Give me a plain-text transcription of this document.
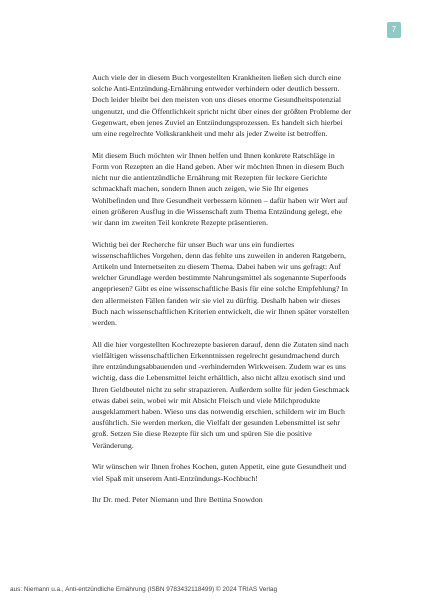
7

Auch viele der in diesem Buch vorgestellten Krankheiten ließen sich durch eine solche Anti-Entzündung-Ernährung entweder verhindern oder deutlich bessern. Doch leider bleibt bei den meisten von uns dieses enorme Gesundheitspotenzial ungenutzt, und die Öffentlichkeit spricht nicht über eines der größten Probleme der Gegenwart, eben jenes Zuviel an Entzündungsprozessen. Es handelt sich hierbei um eine regelrechte Volkskrankheit und mehr als jeder Zweite ist betroffen.

Mit diesem Buch möchten wir Ihnen helfen und Ihnen konkrete Ratschläge in Form von Rezepten an die Hand geben. Aber wir möchten Ihnen in diesem Buch nicht nur die antientzündliche Ernährung mit Rezepten für leckere Gerichte schmackhaft machen, sondern Ihnen auch zeigen, wie Sie Ihr eigenes Wohlbefinden und Ihre Gesundheit verbessern können – dafür haben wir Wert auf einen größeren Ausflug in die Wissenschaft zum Thema Entzündung gelegt, ehe wir dann im zweiten Teil konkrete Rezepte präsentieren.

Wichtig bei der Recherche für unser Buch war uns ein fundiertes wissenschaftliches Vorgehen, denn das fehlte uns zuweilen in anderen Ratgebern, Artikeln und Internetseiten zu diesem Thema. Dabei haben wir uns gefragt: Auf welcher Grundlage werden bestimmte Nahrungsmittel als sogenannte Superfoods angepriesen? Gibt es eine wissenschaftliche Basis für eine solche Empfehlung? In den allermeisten Fällen fanden wir sie viel zu dürftig. Deshalb haben wir dieses Buch nach wissenschaftlichen Kriterien entwickelt, die wir Ihnen später vorstellen werden.

All die hier vorgestellten Kochrezepte basieren darauf, denn die Zutaten sind nach vielfältigen wissenschaftlichen Erkenntnissen regelrecht gesundmachend durch ihre entzündungsabbauenden und -verhindernden Wirkweisen. Zudem war es uns wichtig, dass die Lebensmittel leicht erhältlich, also nicht allzu exotisch sind und Ihren Geldbeutel nicht zu sehr strapazieren. Außerdem sollte für jeden Geschmack etwas dabei sein, wobei wir mit Absicht Fleisch und viele Milchprodukte ausgeklammert haben. Wieso uns das notwendig erschien, schildern wir im Buch ausführlich. Sie werden merken, die Vielfalt der gesunden Lebensmittel ist sehr groß. Setzen Sie diese Rezepte für sich um und spüren Sie die positive Veränderung.

Wir wünschen wir Ihnen frohes Kochen, guten Appetit, eine gute Gesundheit und viel Spaß mit unserem Anti-Entzündungs-Kochbuch!

Ihr Dr. med. Peter Niemann und Ihre Bettina Snowdon

aus: Niemann u.a., Anti-entzündliche Ernährung (ISBN 9783432118499) © 2024 TRIAS Verlag
